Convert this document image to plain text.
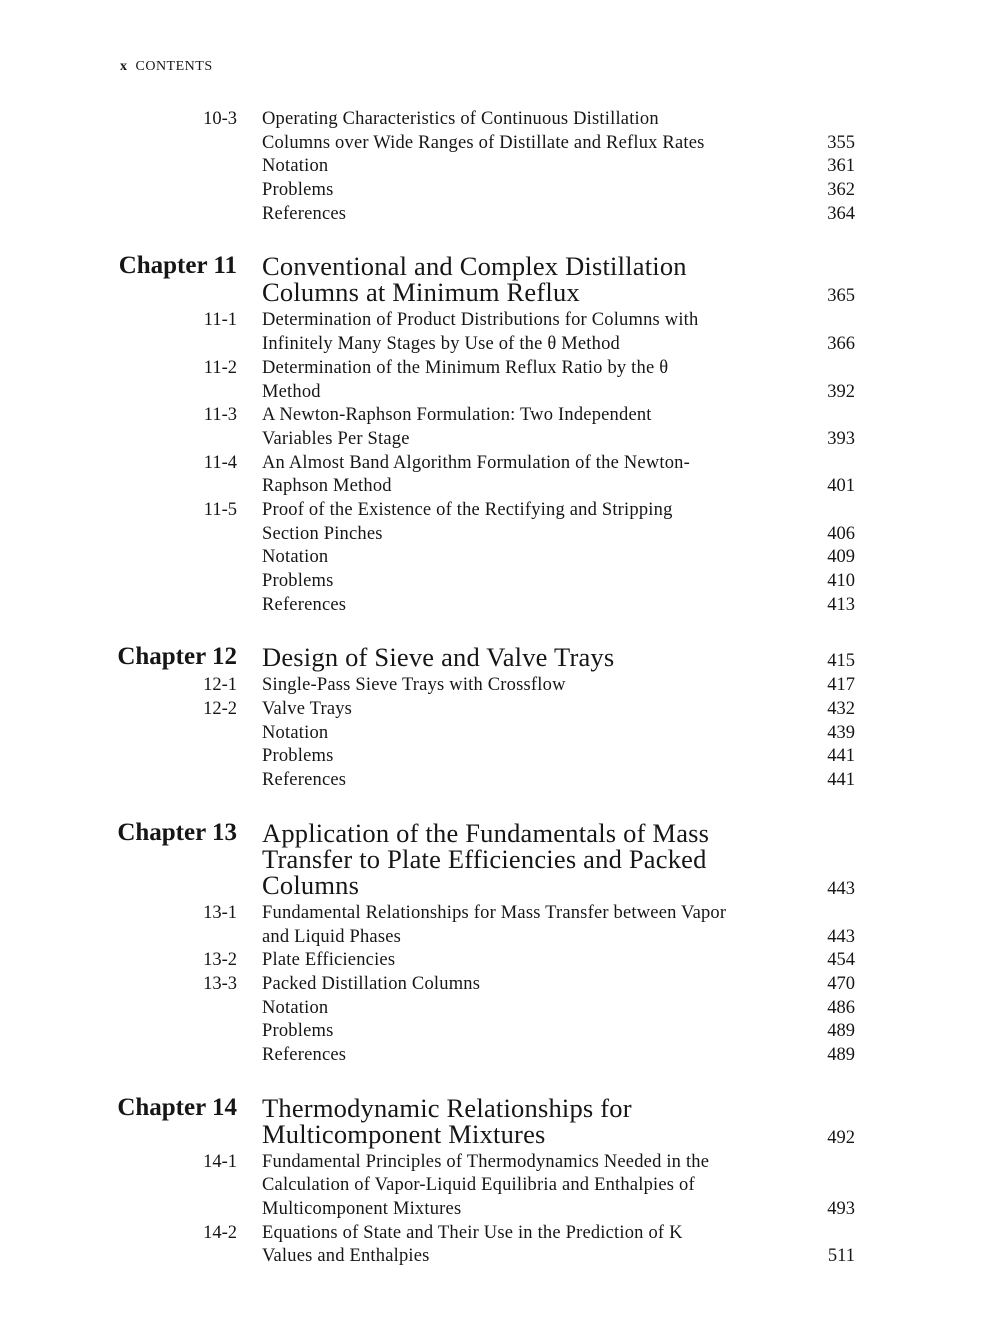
x CONTENTS
10-3 Operating Characteristics of Continuous Distillation
Columns over Wide Ranges of Distillate and Reflux Rates	355
Notation	361
Problems	362
References	364
Chapter 11 Conventional and Complex Distillation
Columns at Minimum Reflux	365
11-1 Determination of Product Distributions for Columns with
Infinitely Many Stages by Use of the θ Method	366
11-2 Determination of the Minimum Reflux Ratio by the θ
Method	392
11-3 A Newton-Raphson Formulation: Two Independent
Variables Per Stage	393
11-4 An Almost Band Algorithm Formulation of the Newton-
Raphson Method	401
11-5 Proof of the Existence of the Rectifying and Stripping
Section Pinches	406
Notation	409
Problems	410
References	413
Chapter 12 Design of Sieve and Valve Trays	415
12-1 Single-Pass Sieve Trays with Crossflow	417
12-2 Valve Trays	432
Notation	439
Problems	441
References	441
Chapter 13 Application of the Fundamentals of Mass
Transfer to Plate Efficiencies and Packed
Columns	443
13-1 Fundamental Relationships for Mass Transfer between Vapor
and Liquid Phases	443
13-2 Plate Efficiencies	454
13-3 Packed Distillation Columns	470
Notation	486
Problems	489
References	489
Chapter 14 Thermodynamic Relationships for
Multicomponent Mixtures	492
14-1 Fundamental Principles of Thermodynamics Needed in the
Calculation of Vapor-Liquid Equilibria and Enthalpies of
Multicomponent Mixtures	493
14-2 Equations of State and Their Use in the Prediction of K
Values and Enthalpies	511
